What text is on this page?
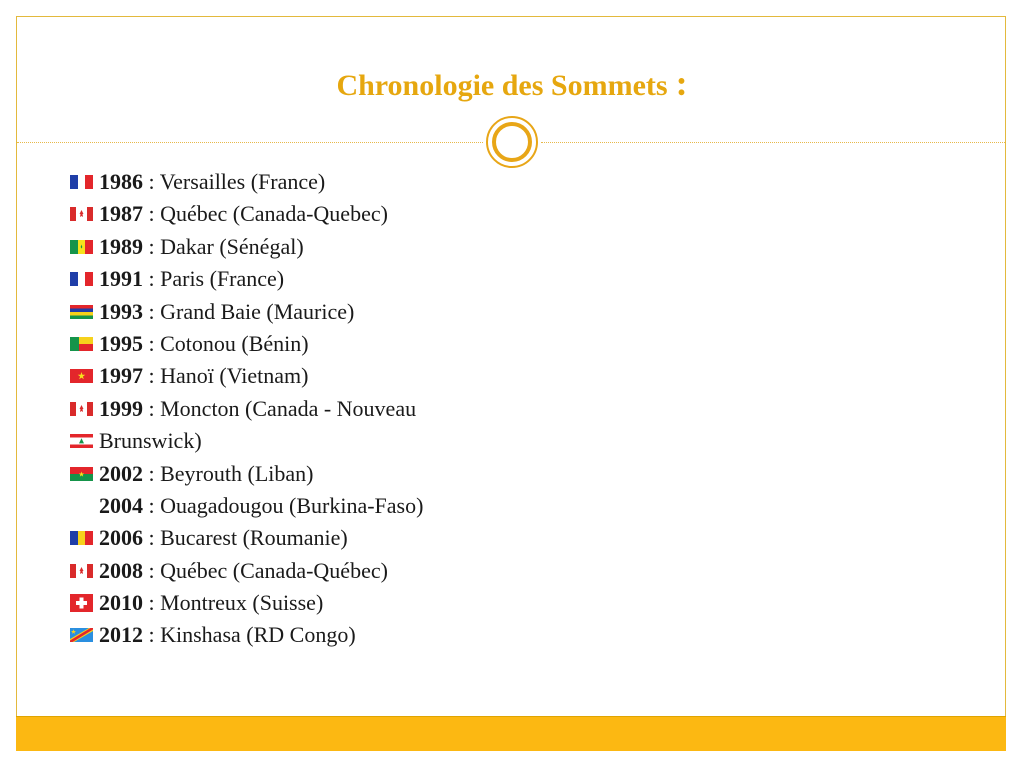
Chronologie des Sommets :
1986 : Versailles (France)
1987 : Québec (Canada-Quebec)
1989 : Dakar (Sénégal)
1991 : Paris (France)
1993 : Grand Baie (Maurice)
1995 : Cotonou (Bénin)
1997 : Hanoï (Vietnam)
1999 : Moncton (Canada - Nouveau
Brunswick)
2002 : Beyrouth (Liban)
2004 : Ouagadougou (Burkina-Faso)
2006 : Bucarest (Roumanie)
2008 : Québec (Canada-Québec)
2010 : Montreux (Suisse)
2012 : Kinshasa (RD Congo)
